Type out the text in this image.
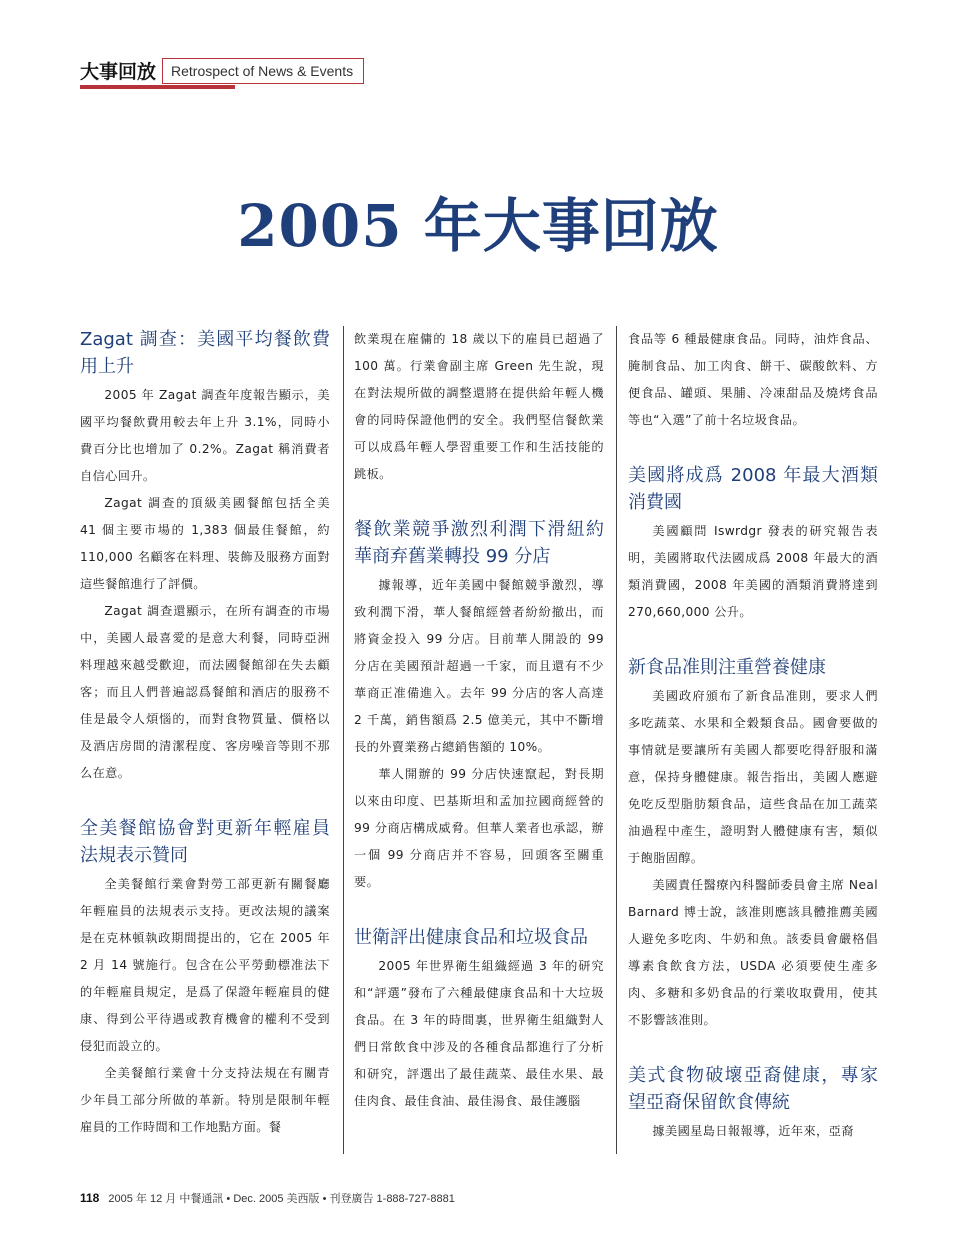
大事回放	Retrospect of News & Events
2005 年大事回放
Zagat 調查：美國平均餐飲費用上升

2005 年 Zagat 調查年度報告顯示，美國平均餐飲費用較去年上升 3.1%，同時小費百分比也增加了 0.2%。Zagat 稱消費者自信心回升。

Zagat 調查的頂級美國餐館包括全美 41 個主要市場的 1,383 個最佳餐館，約 110,000 名顧客在料理、裝飾及服務方面對這些餐館進行了評價。

Zagat 調查還顯示，在所有調查的市場中，美國人最喜愛的是意大利餐，同時亞洲料理越來越受歡迎，而法國餐館卻在失去顧客；而且人們普遍認爲餐館和酒店的服務不佳是最令人煩惱的，而對食物質量、價格以及酒店房間的清潔程度、客房噪音等則不那么在意。

全美餐館協會對更新年輕雇員法規表示贊同

全美餐館行業會對勞工部更新有關餐廳年輕雇員的法規表示支持。更改法規的議案是在克林頓執政期間提出的，它在 2005 年 2 月 14 號施行。包含在公平勞動標准法下的年輕雇員規定，是爲了保證年輕雇員的健康、得到公平待遇或教育機會的權利不受到侵犯而設立的。

全美餐館行業會十分支持法規在有關青少年員工部分所做的革新。特別是限制年輕雇員的工作時間和工作地點方面。餐

飲業現在雇傭的 18 歲以下的雇員已超過了 100 萬。行業會副主席 Green 先生說，現在對法規所做的調整還將在提供給年輕人機會的同時保證他們的安全。我們堅信餐飲業可以成爲年輕人學習重要工作和生活技能的跳板。

餐飲業競爭激烈利潤下滑紐約華商弃舊業轉投 99 分店

據報導，近年美國中餐館競爭激烈，導致利潤下滑，華人餐館經營者紛紛撤出，而將資金投入 99 分店。目前華人開設的 99 分店在美國預計超過一千家，而且還有不少華商正准備進入。去年 99 分店的客人高達 2 千萬，銷售額爲 2.5 億美元，其中不斷增長的外賣業務占總銷售額的 10%。

華人開辦的 99 分店快速竄起，對長期以來由印度、巴基斯坦和孟加拉國商經營的 99 分商店構成威脅。但華人業者也承認，辦一個 99 分商店并不容易，回頭客至關重要。

世衛評出健康食品和垃圾食品

2005 年世界衛生組織經過 3 年的研究和“評選”發布了六種最健康食品和十大垃圾食品。在 3 年的時間裏，世界衛生組織對人們日常飲食中涉及的各種食品都進行了分析和研究，評選出了最佳蔬菜、最佳水果、最佳肉食、最佳食油、最佳湯食、最佳護腦

食品等 6 種最健康食品。同時，油炸食品、腌制食品、加工肉食、餅干、碳酸飲料、方便食品、罐頭、果脯、冷凍甜品及燒烤食品等也“入選”了前十名垃圾食品。

美國將成爲 2008 年最大酒類消費國

美國顧問 Iswrdgr 發表的研究報告表明，美國將取代法國成爲 2008 年最大的酒類消費國，2008 年美國的酒類消費將達到 270,660,000 公升。

新食品准則注重營養健康

美國政府頒布了新食品准則，要求人們多吃蔬菜、水果和全穀類食品。國會要做的事情就是要讓所有美國人都要吃得舒服和滿意，保持身體健康。報告指出，美國人應避免吃反型脂肪類食品，這些食品在加工蔬菜油過程中產生，證明對人體健康有害，類似于飽脂固醇。

美國責任醫療內科醫師委員會主席 Neal Barnard 博士說，該准則應該具體推薦美國人避免多吃肉、牛奶和魚。該委員會嚴格倡導素食飲食方法，USDA 必須要使生產多肉、多糖和多奶食品的行業收取費用，使其不影響該准則。

美式食物破壞亞裔健康，專家望亞裔保留飲食傳統

據美國星島日報報導，近年來，亞裔

118 2005 年 12 月 中餐通訊 • Dec. 2005 美西版 • 刊登廣告 1-888-727-8881
